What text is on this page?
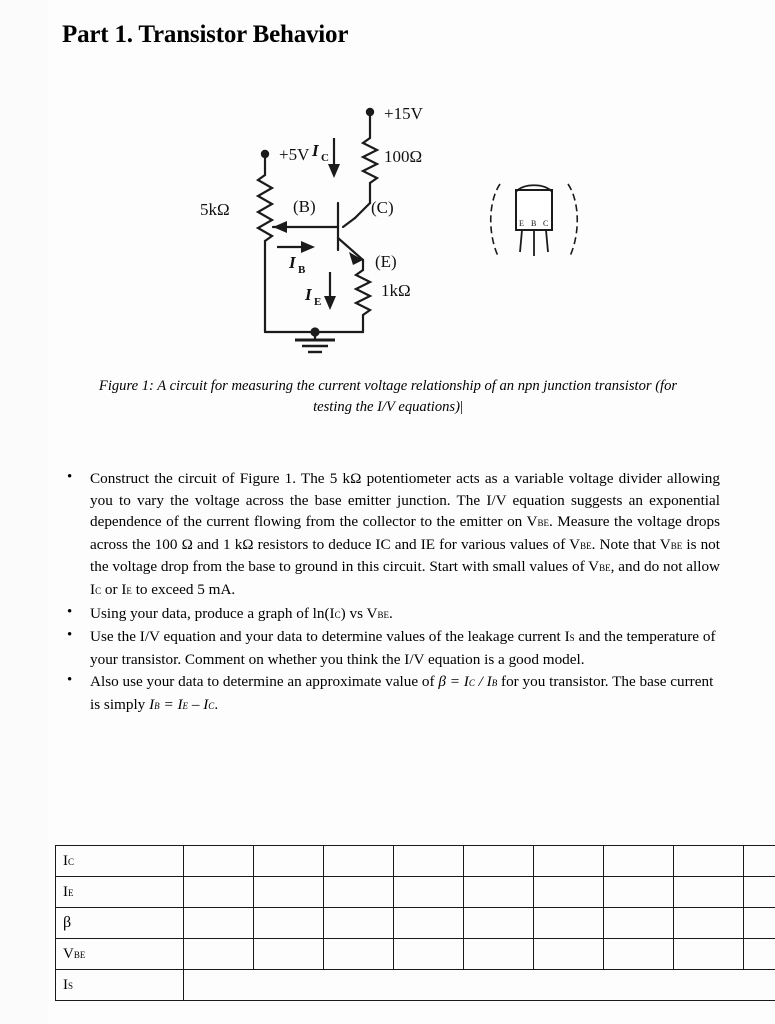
Part 1. Transistor Behavior
+15V
100Ω
+5V
5kΩ
1kΩ
(C)
(B)
(E)
I C
I B
I E
E B C
Figure 1: A circuit for measuring the current voltage relationship of an npn junction transistor (for testing the I/V equations)|
• Construct the circuit of Figure 1. The 5 kΩ potentiometer acts as a variable voltage divider allowing you to vary the voltage across the base emitter junction. The I/V equation suggests an exponential dependence of the current flowing from the collector to the emitter on Vbe. Measure the voltage drops across the 100 Ω and 1 kΩ resistors to deduce IC and IE for various values of Vbe. Note that Vbe is not the voltage drop from the base to ground in this circuit. Start with small values of Vbe, and do not allow Ic or Ie to exceed 5 mA.
• Using your data, produce a graph of ln(Ic) vs Vbe.
• Use the I/V equation and your data to determine values of the leakage current Is and the temperature of your transistor. Comment on whether you think the I/V equation is a good model.
• Also use your data to determine an approximate value of β = Ic / Ib for you transistor. The base current is simply Ib = Ie – Ic.
Ic									
Ie									
β									
Vbe									
Is									
